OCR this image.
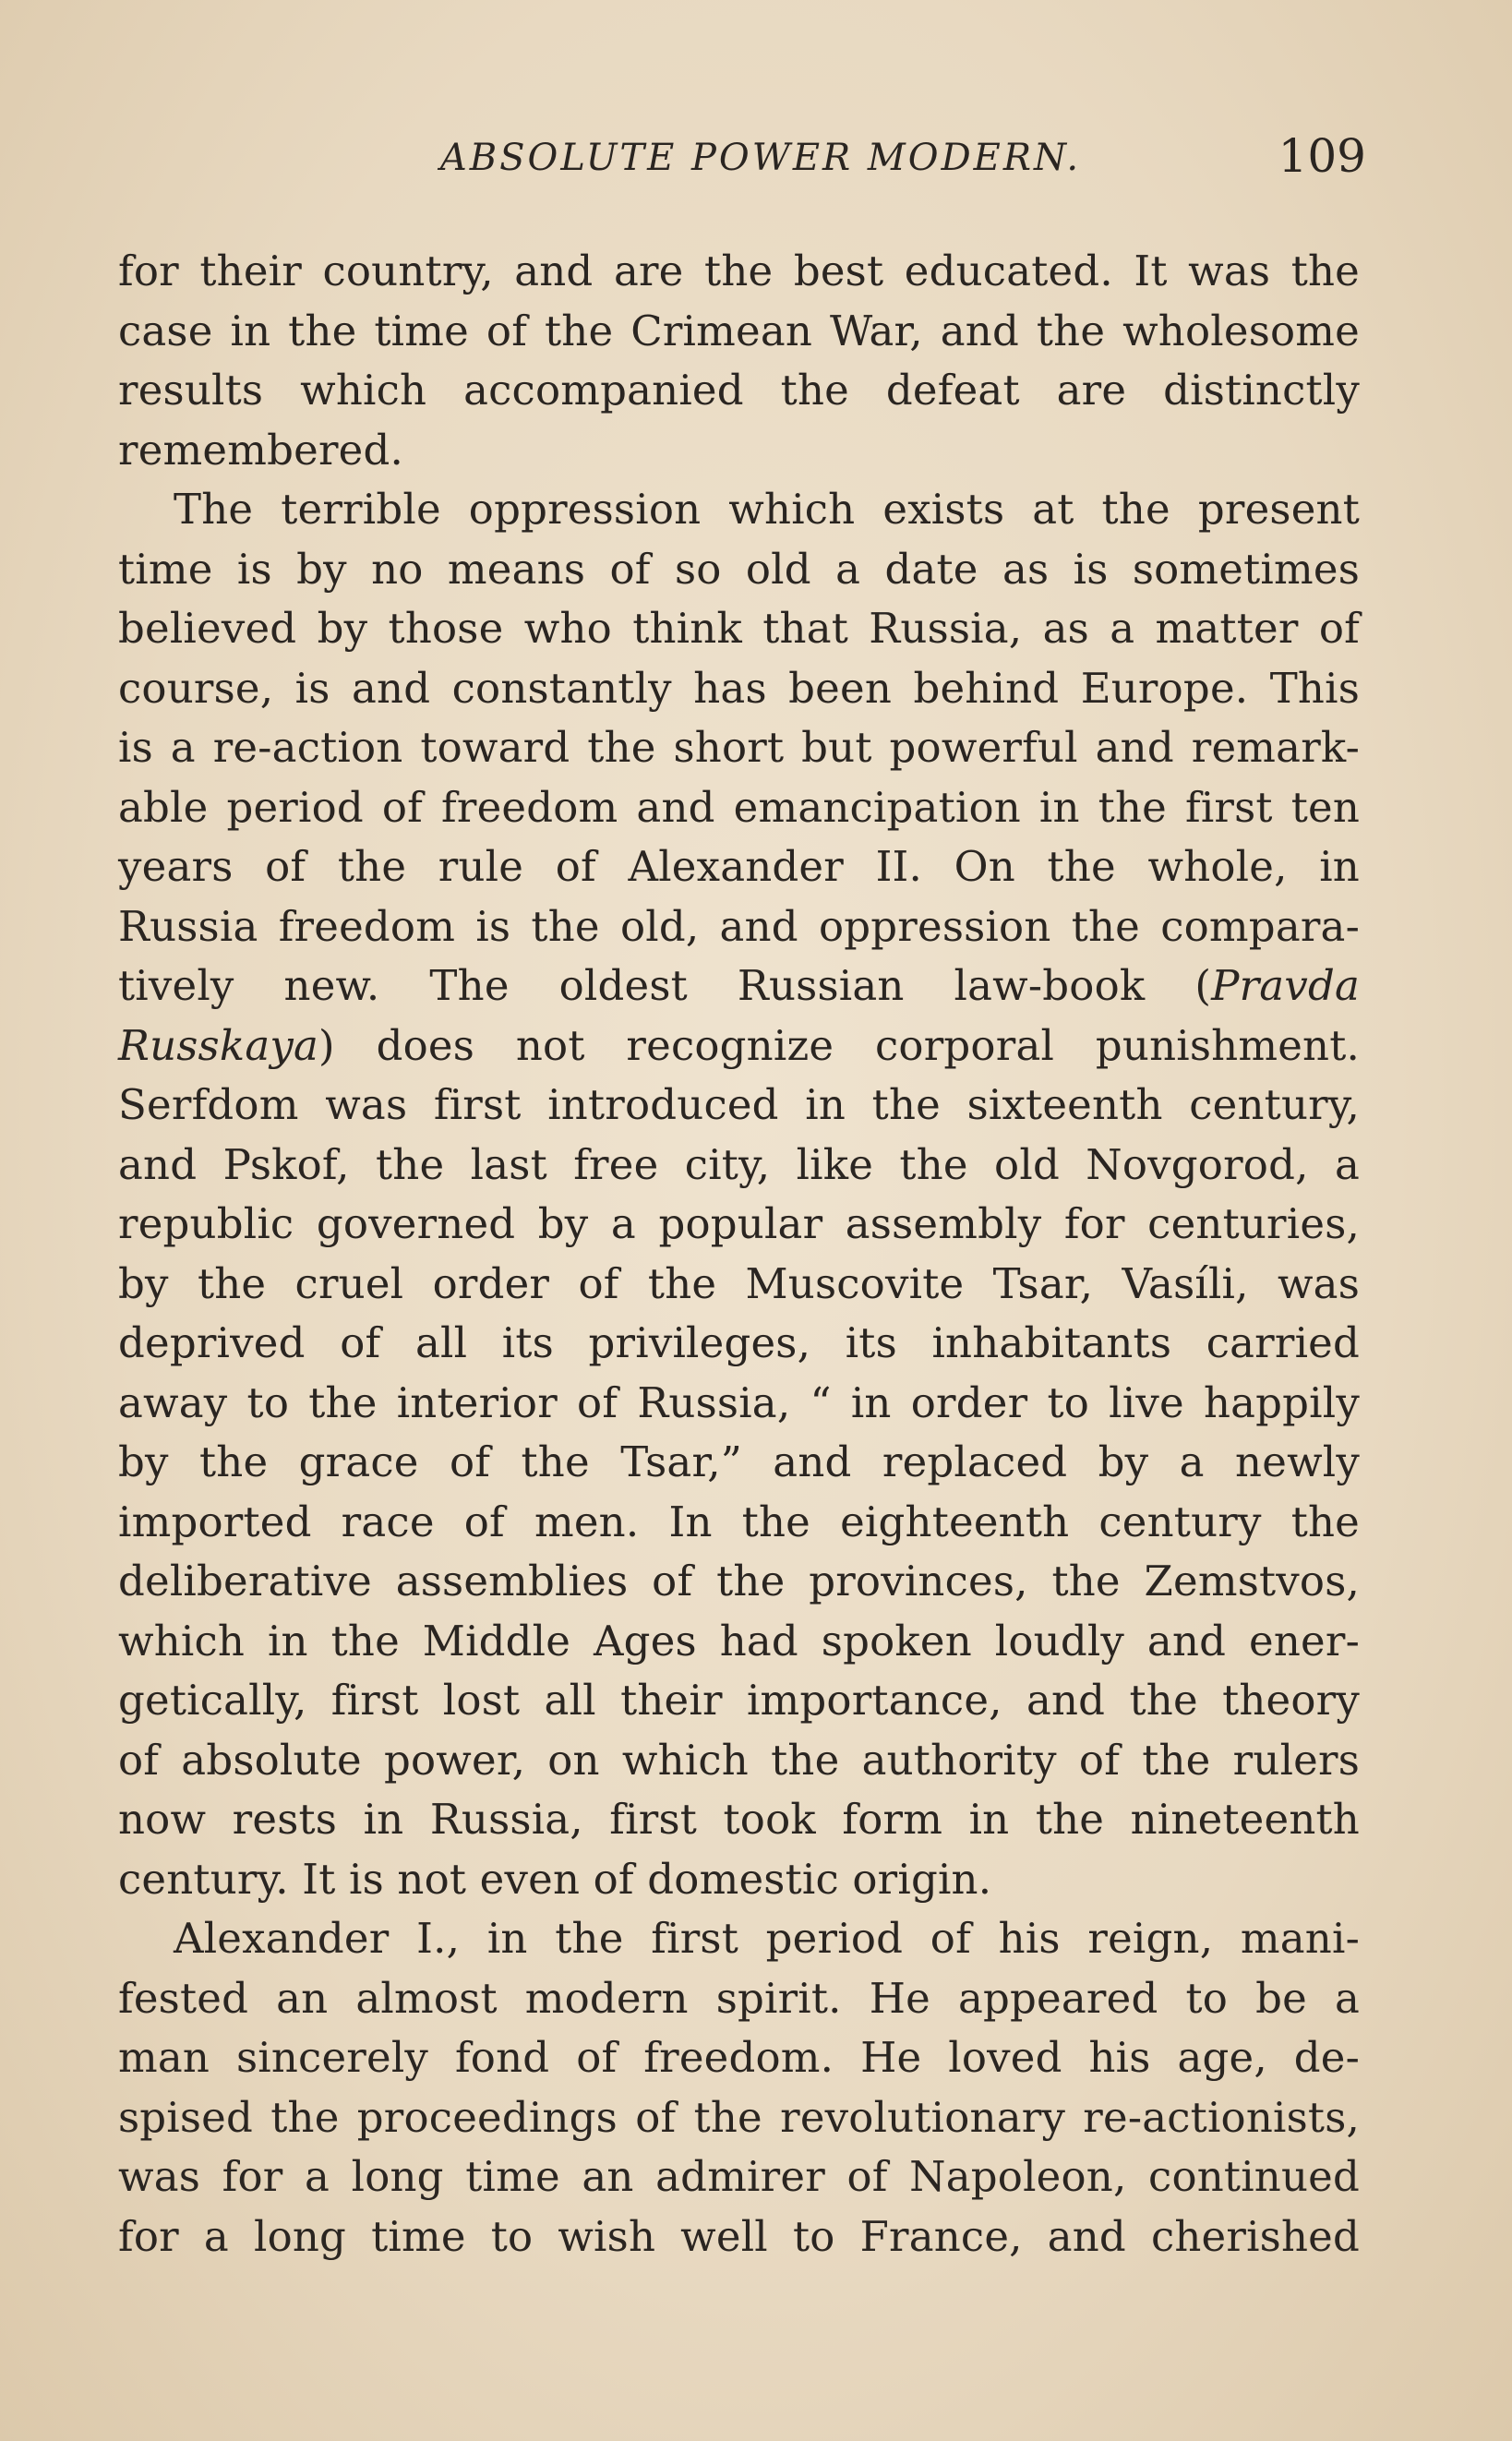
ABSOLUTE POWER MODERN.	109
for their country, and are the best educated. It was the
case in the time of the Crimean War, and the wholesome
results which accompanied the defeat are distinctly
remembered.
The terrible oppression which exists at the present
time is by no means of so old a date as is sometimes
believed by those who think that Russia, as a matter of
course, is and constantly has been behind Europe. This
is a re-action toward the short but powerful and remark-
able period of freedom and emancipation in the first ten
years of the rule of Alexander II. On the whole, in
Russia freedom is the old, and oppression the compara-
tively new. The oldest Russian law-book (Pravda
Russkaya) does not recognize corporal punishment.
Serfdom was first introduced in the sixteenth century,
and Pskof, the last free city, like the old Novgorod, a
republic governed by a popular assembly for centuries,
by the cruel order of the Muscovite Tsar, Vasíli, was
deprived of all its privileges, its inhabitants carried
away to the interior of Russia, “ in order to live happily
by the grace of the Tsar,” and replaced by a newly
imported race of men. In the eighteenth century the
deliberative assemblies of the provinces, the Zemstvos,
which in the Middle Ages had spoken loudly and ener-
getically, first lost all their importance, and the theory
of absolute power, on which the authority of the rulers
now rests in Russia, first took form in the nineteenth
century. It is not even of domestic origin.
Alexander I., in the first period of his reign, mani-
fested an almost modern spirit. He appeared to be a
man sincerely fond of freedom. He loved his age, de-
spised the proceedings of the revolutionary re-actionists,
was for a long time an admirer of Napoleon, continued
for a long time to wish well to France, and cherished
